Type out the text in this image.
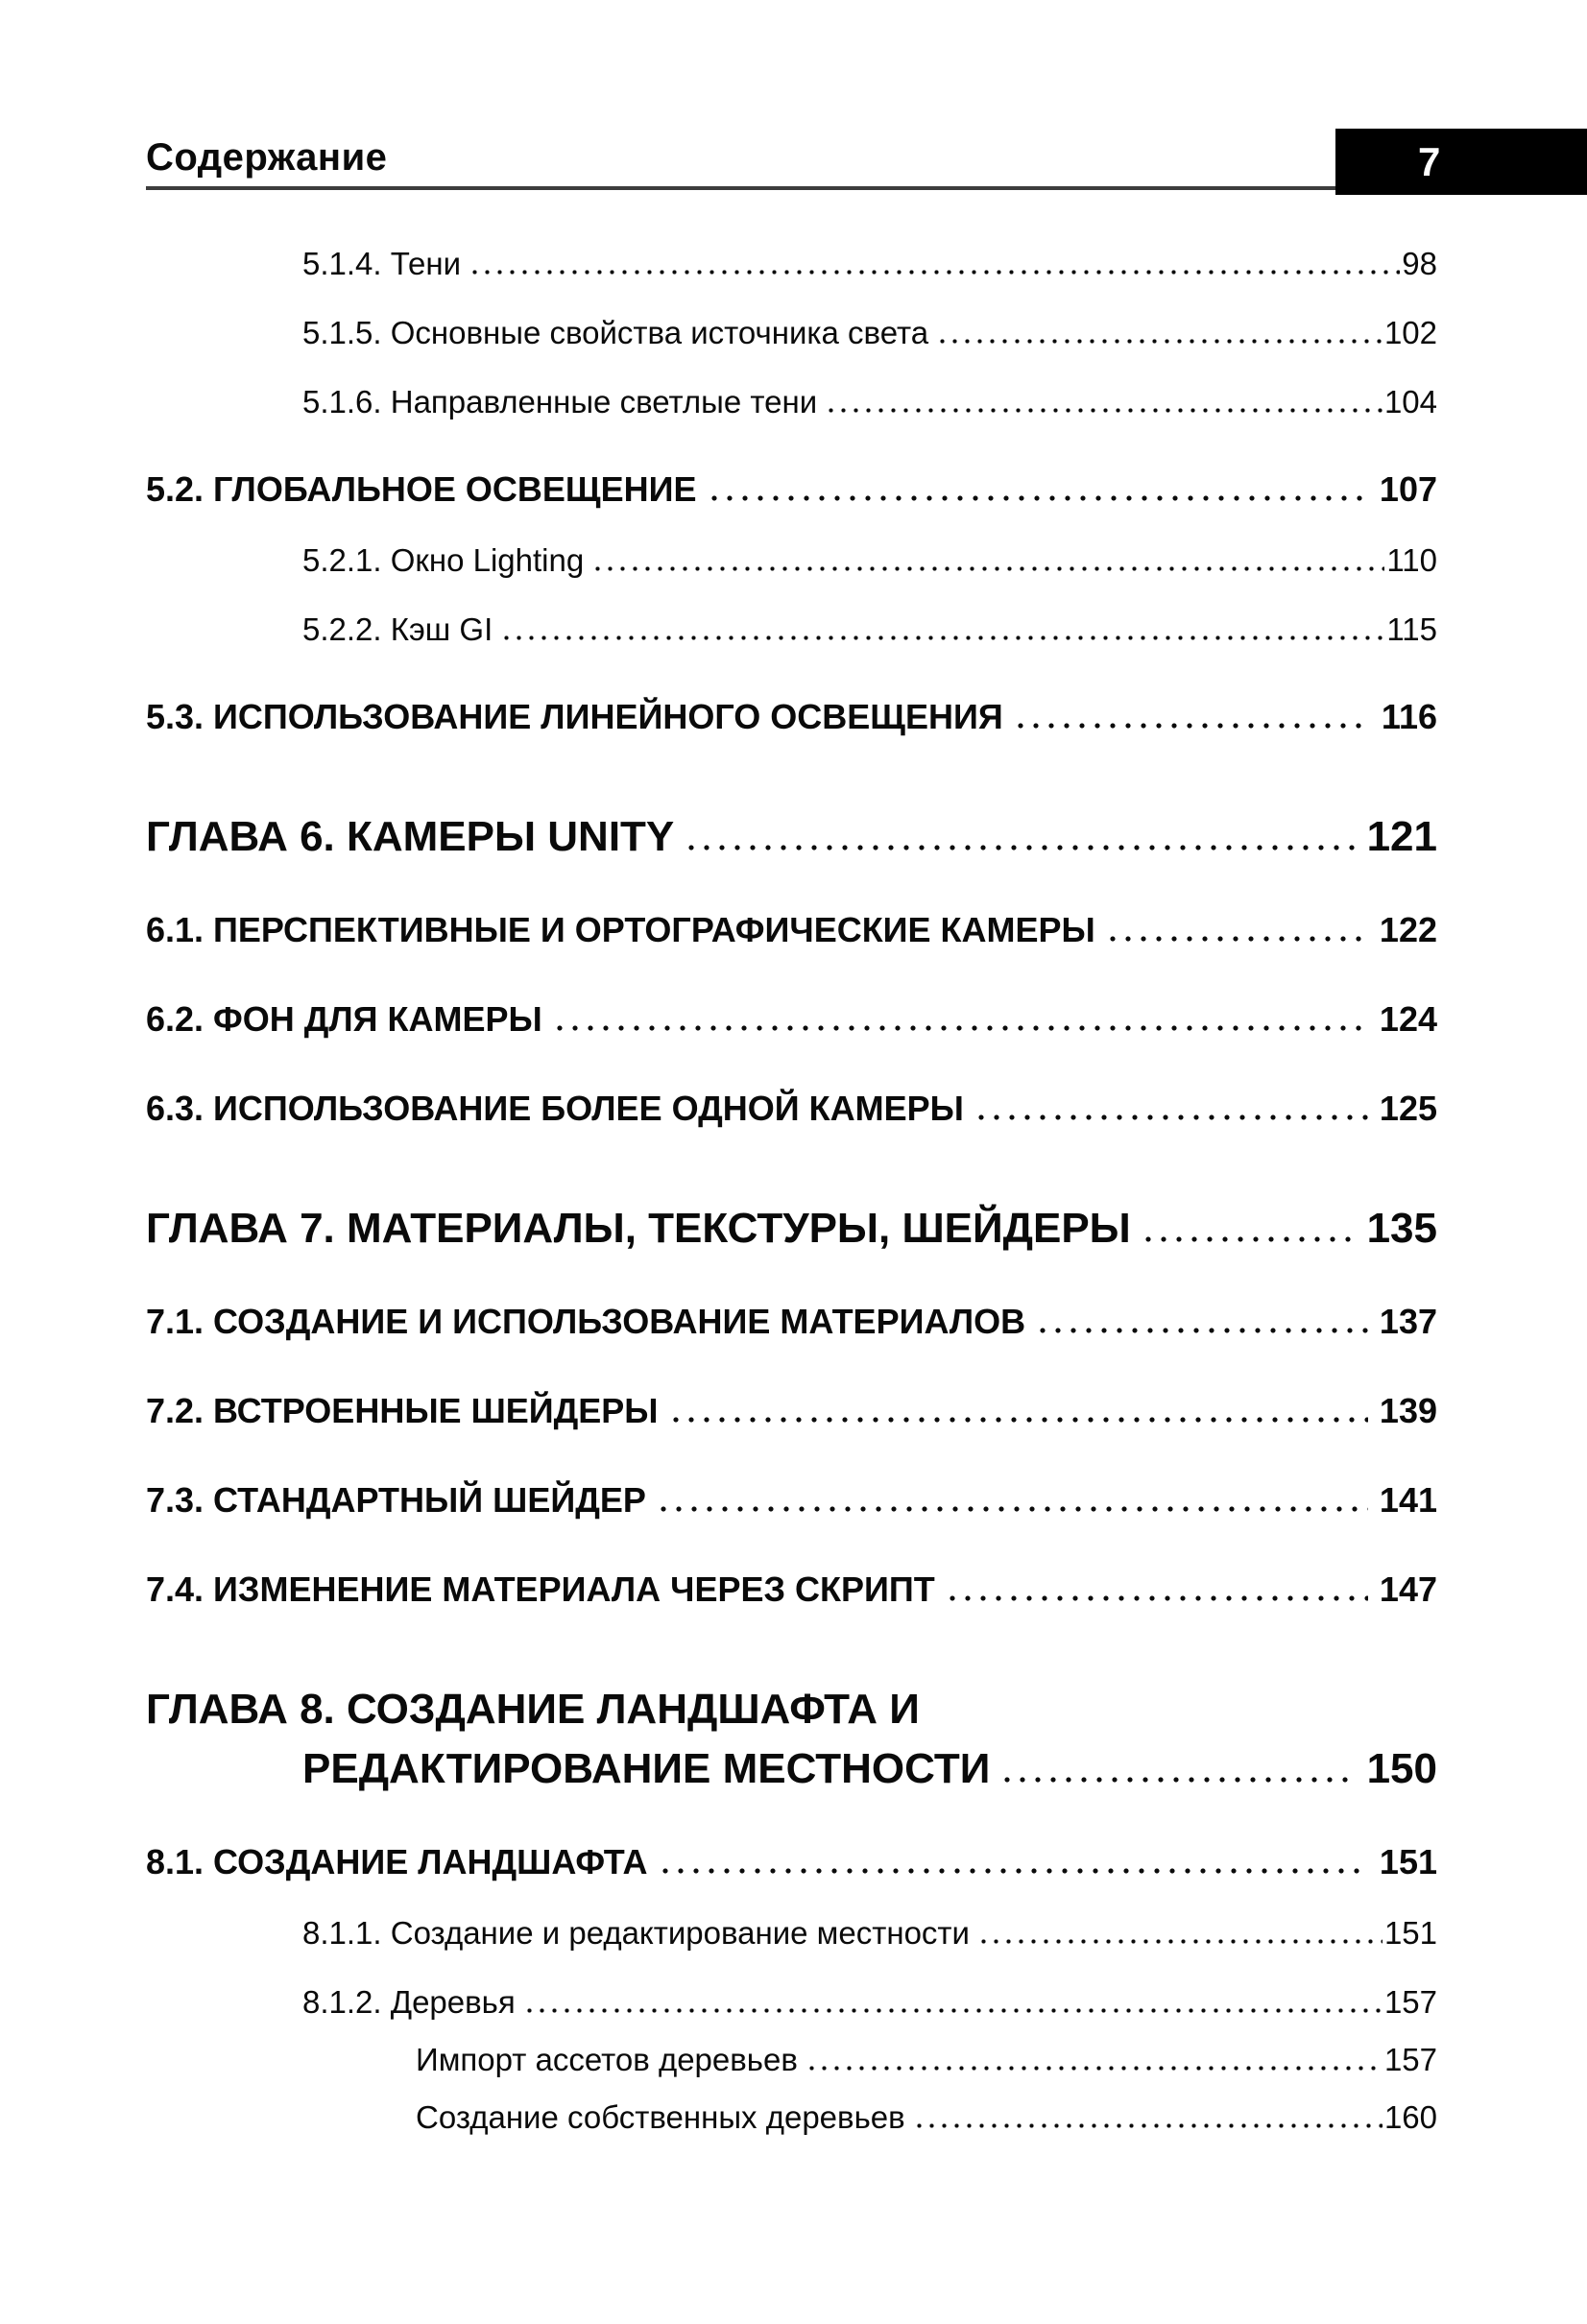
Содержание	7
5.1.4. Тени	98
5.1.5. Основные свойства источника света	102
5.1.6. Направленные светлые тени	104
5.2. ГЛОБАЛЬНОЕ ОСВЕЩЕНИЕ	107
5.2.1. Окно Lighting	110
5.2.2. Кэш GI	115
5.3. ИСПОЛЬЗОВАНИЕ ЛИНЕЙНОГО ОСВЕЩЕНИЯ	116
ГЛАВА 6. КАМЕРЫ UNITY	121
6.1. ПЕРСПЕКТИВНЫЕ И ОРТОГРАФИЧЕСКИЕ КАМЕРЫ	122
6.2. ФОН ДЛЯ КАМЕРЫ	124
6.3. ИСПОЛЬЗОВАНИЕ БОЛЕЕ ОДНОЙ КАМЕРЫ	125
ГЛАВА 7. МАТЕРИАЛЫ, ТЕКСТУРЫ, ШЕЙДЕРЫ	135
7.1. СОЗДАНИЕ И ИСПОЛЬЗОВАНИЕ МАТЕРИАЛОВ	137
7.2. ВСТРОЕННЫЕ ШЕЙДЕРЫ	139
7.3. СТАНДАРТНЫЙ ШЕЙДЕР	141
7.4. ИЗМЕНЕНИЕ МАТЕРИАЛА ЧЕРЕЗ СКРИПТ	147
ГЛАВА 8. СОЗДАНИЕ ЛАНДШАФТА И
РЕДАКТИРОВАНИЕ МЕСТНОСТИ	150
8.1. СОЗДАНИЕ ЛАНДШАФТА	151
8.1.1. Создание и редактирование местности	151
8.1.2. Деревья	157
Импорт ассетов деревьев	157
Создание собственных деревьев	160
